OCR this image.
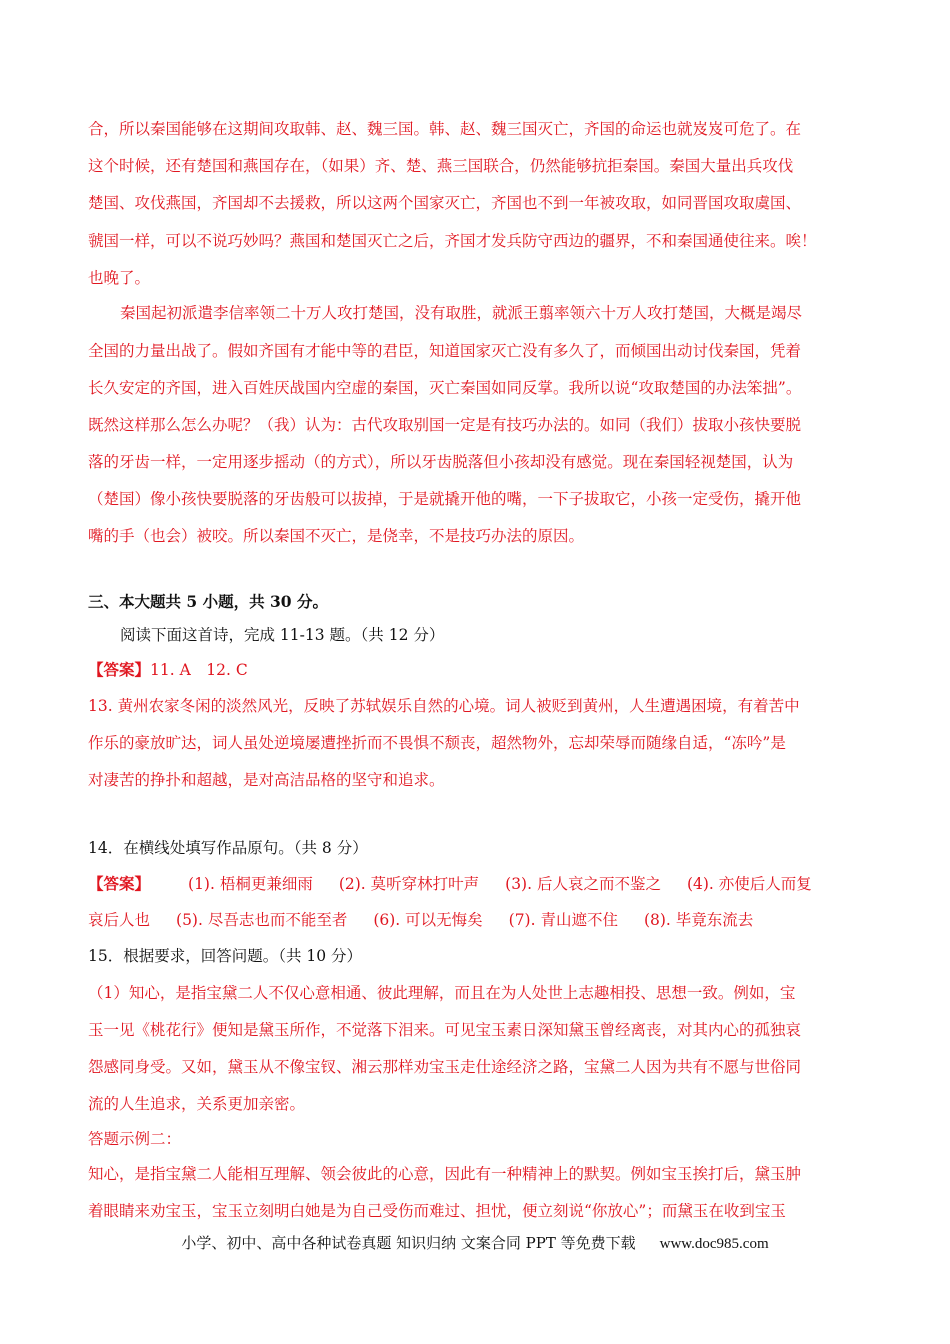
合，所以秦国能够在这期间攻取韩、赵、魏三国。韩、赵、魏三国灭亡，齐国的命运也就岌岌可危了。在
这个时候，还有楚国和燕国存在，（如果）齐、楚、燕三国联合，仍然能够抗拒秦国。秦国大量出兵攻伐
楚国、攻伐燕国，齐国却不去援救，所以这两个国家灭亡，齐国也不到一年被攻取，如同晋国攻取虞国、
虢国一样，可以不说巧妙吗？燕国和楚国灭亡之后，齐国才发兵防守西边的疆界，不和秦国通使往来。唉！
也晚了。
秦国起初派遣李信率领二十万人攻打楚国，没有取胜，就派王翦率领六十万人攻打楚国，大概是竭尽
全国的力量出战了。假如齐国有才能中等的君臣，知道国家灭亡没有多久了，而倾国出动讨伐秦国，凭着
长久安定的齐国，进入百姓厌战国内空虚的秦国，灭亡秦国如同反掌。我所以说“攻取楚国的办法笨拙”。
既然这样那么怎么办呢？（我）认为：古代攻取别国一定是有技巧办法的。如同（我们）拔取小孩快要脱
落的牙齿一样，一定用逐步摇动（的方式），所以牙齿脱落但小孩却没有感觉。现在秦国轻视楚国，认为
（楚国）像小孩快要脱落的牙齿般可以拔掉，于是就撬开他的嘴，一下子拔取它，小孩一定受伤，撬开他
嘴的手（也会）被咬。所以秦国不灭亡，是侥幸，不是技巧办法的原因。
三、本大题共 5 小题，共 30 分。
阅读下面这首诗，完成 11-13 题。（共 12 分）
【答案】11. A　12. C
13. 黄州农家冬闲的淡然风光，反映了苏轼娱乐自然的心境。词人被贬到黄州，人生遭遇困境，有着苦中
作乐的豪放旷达，词人虽处逆境屡遭挫折而不畏惧不颓丧，超然物外，忘却荣辱而随缘自适，“冻吟”是
对凄苦的挣扑和超越，是对高洁品格的坚守和追求。
14．在横线处填写作品原句。（共 8 分）
【答案】 (1). 梧桐更兼细雨 (2). 莫听穿林打叶声 (3). 后人哀之而不鉴之 (4). 亦使后人而复
哀后人也 (5). 尽吾志也而不能至者 (6). 可以无悔矣 (7). 青山遮不住 (8). 毕竟东流去
15．根据要求，回答问题。（共 10 分）
（1）知心，是指宝黛二人不仅心意相通、彼此理解，而且在为人处世上志趣相投、思想一致。例如，宝
玉一见《桃花行》便知是黛玉所作，不觉落下泪来。可见宝玉素日深知黛玉曾经离丧，对其内心的孤独哀
怨感同身受。又如，黛玉从不像宝钗、湘云那样劝宝玉走仕途经济之路，宝黛二人因为共有不愿与世俗同
流的人生追求，关系更加亲密。
答题示例二：
知心，是指宝黛二人能相互理解、领会彼此的心意，因此有一种精神上的默契。例如宝玉挨打后，黛玉肿
着眼睛来劝宝玉，宝玉立刻明白她是为自己受伤而难过、担忧，便立刻说“你放心”；而黛玉在收到宝玉
小学、初中、高中各种试卷真题 知识归纳 文案合同 PPT 等免费下载 www.doc985.com
